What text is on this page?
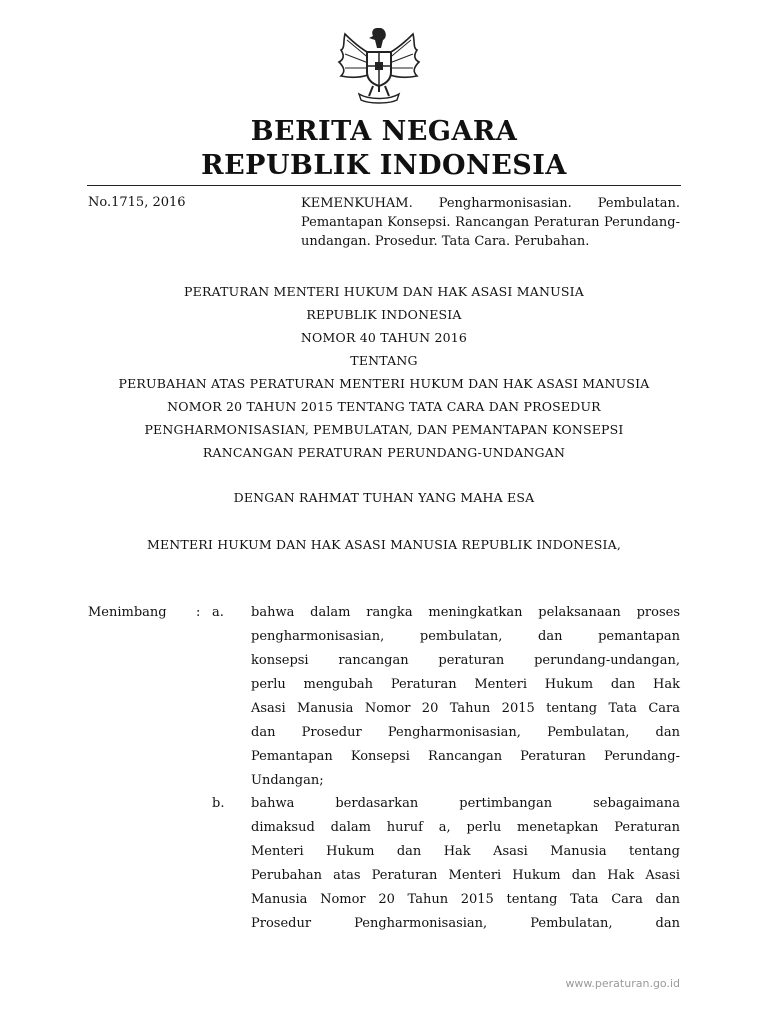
BERITA NEGARA
REPUBLIK INDONESIA
No.1715, 2016	KEMENKUHAM. Pengharmonisasian. Pembulatan. Pemantapan Konsepsi. Rancangan Peraturan Perundang-undangan. Prosedur. Tata Cara. Perubahan.
PERATURAN MENTERI HUKUM DAN HAK ASASI MANUSIA
REPUBLIK INDONESIA
NOMOR 40 TAHUN 2016
TENTANG
PERUBAHAN ATAS PERATURAN MENTERI HUKUM DAN HAK ASASI MANUSIA
NOMOR 20 TAHUN 2015 TENTANG TATA CARA DAN PROSEDUR
PENGHARMONISASIAN, PEMBULATAN, DAN PEMANTAPAN KONSEPSI
RANCANGAN PERATURAN PERUNDANG-UNDANGAN
DENGAN RAHMAT TUHAN YANG MAHA ESA
MENTERI HUKUM DAN HAK ASASI MANUSIA REPUBLIK INDONESIA,
Menimbang : a. bahwa dalam rangka meningkatkan pelaksanaan proses
pengharmonisasian, pembulatan, dan pemantapan
konsepsi rancangan peraturan perundang-undangan,
perlu mengubah Peraturan Menteri Hukum dan Hak
Asasi Manusia Nomor 20 Tahun 2015 tentang Tata Cara
dan Prosedur Pengharmonisasian, Pembulatan, dan
Pemantapan Konsepsi Rancangan Peraturan Perundang-
Undangan;
b. bahwa berdasarkan pertimbangan sebagaimana
dimaksud dalam huruf a, perlu menetapkan Peraturan
Menteri Hukum dan Hak Asasi Manusia tentang
Perubahan atas Peraturan Menteri Hukum dan Hak Asasi
Manusia Nomor 20 Tahun 2015 tentang Tata Cara dan
Prosedur Pengharmonisasian, Pembulatan, dan
www.peraturan.go.id
